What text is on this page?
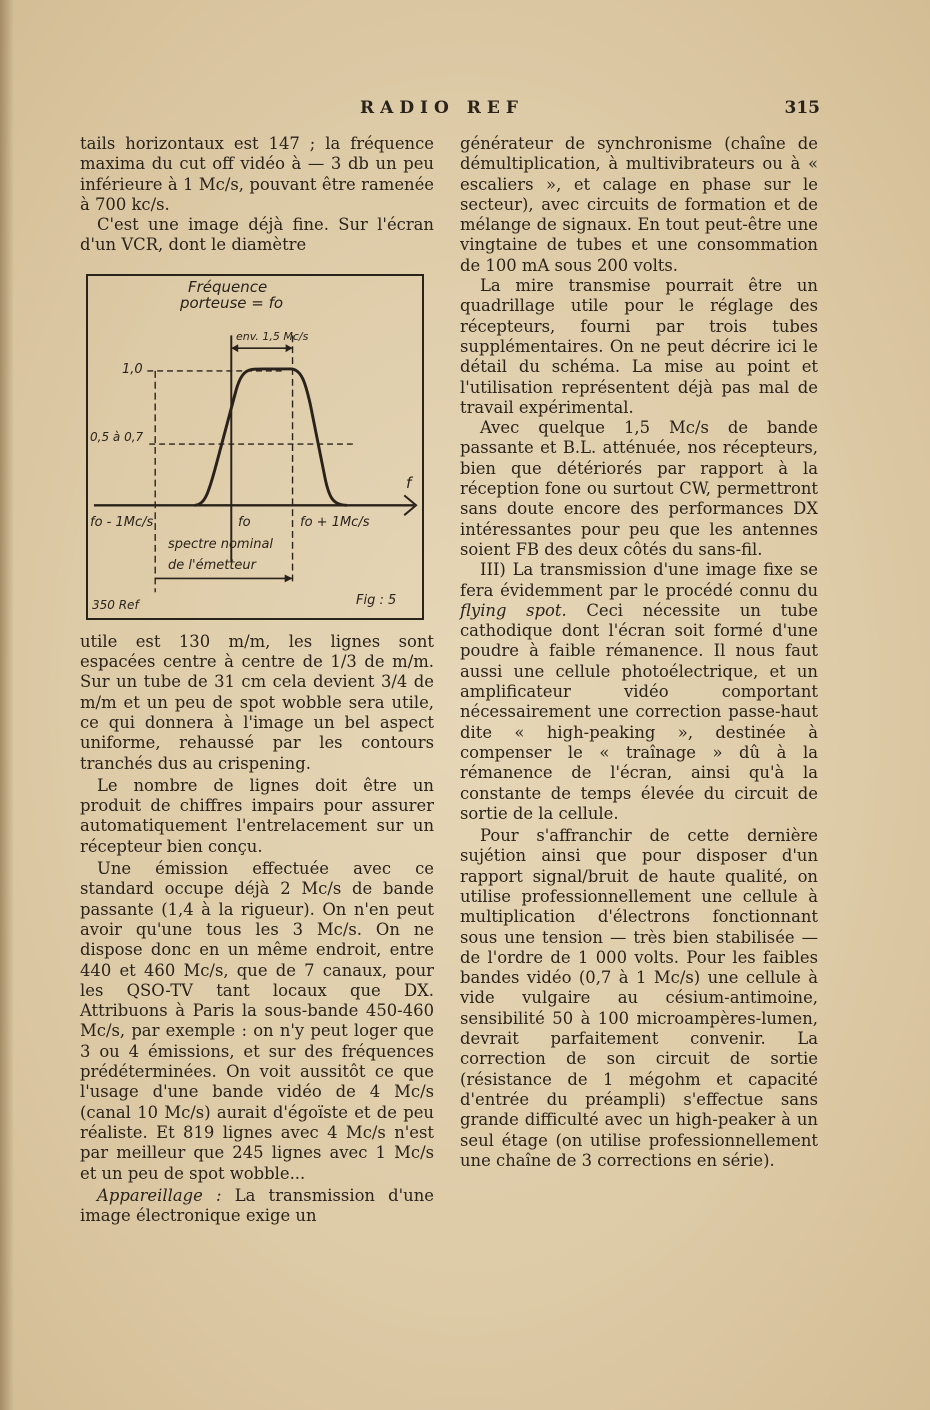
RADIO REF	315

tails horizontaux est 147 ; la fréquence maxima du cut off vidéo à — 3 db un peu inférieure à 1 Mc/s, pouvant être ramenée à 700 kc/s.

C'est une image déjà fine. Sur l'écran d'un VCR, dont le diamètre

Fréquence
porteuse = fo
env. 1,5 Mc/s
1,0
0,5 à 0,7
f
fo - 1Mc/s	fo	fo + 1Mc/s
spectre nominal
de l'émetteur
350 Ref	Fig : 5

utile est 130 m/m, les lignes sont espacées centre à centre de 1/3 de m/m. Sur un tube de 31 cm cela devient 3/4 de m/m et un peu de spot wobble sera utile, ce qui donnera à l'image un bel aspect uniforme, rehaussé par les contours tranchés dus au crispening.

Le nombre de lignes doit être un produit de chiffres impairs pour assurer automatiquement l'entrelacement sur un récepteur bien conçu.

Une émission effectuée avec ce standard occupe déjà 2 Mc/s de bande passante (1,4 à la rigueur). On n'en peut avoir qu'une tous les 3 Mc/s. On ne dispose donc en un même endroit, entre 440 et 460 Mc/s, que de 7 canaux, pour les QSO-TV tant locaux que DX. Attribuons à Paris la sous-bande 450-460 Mc/s, par exemple : on n'y peut loger que 3 ou 4 émissions, et sur des fréquences prédéterminées. On voit aussitôt ce que l'usage d'une bande vidéo de 4 Mc/s (canal 10 Mc/s) aurait d'égoïste et de peu réaliste. Et 819 lignes avec 4 Mc/s n'est par meilleur que 245 lignes avec 1 Mc/s et un peu de spot wobble...

Appareillage : La transmission d'une image électronique exige un

générateur de synchronisme (chaîne de démultiplication, à multivibrateurs ou à « escaliers », et calage en phase sur le secteur), avec circuits de formation et de mélange de signaux. En tout peut-être une vingtaine de tubes et une consommation de 100 mA sous 200 volts.

La mire transmise pourrait être un quadrillage utile pour le réglage des récepteurs, fourni par trois tubes supplémentaires. On ne peut décrire ici le détail du schéma. La mise au point et l'utilisation représentent déjà pas mal de travail expérimental.

Avec quelque 1,5 Mc/s de bande passante et B.L. atténuée, nos récepteurs, bien que détériorés par rapport à la réception fone ou surtout CW, permettront sans doute encore des performances DX intéressantes pour peu que les antennes soient FB des deux côtés du sans-fil.

III) La transmission d'une image fixe se fera évidemment par le procédé connu du flying spot. Ceci nécessite un tube cathodique dont l'écran soit formé d'une poudre à faible rémanence. Il nous faut aussi une cellule photoélectrique, et un amplificateur vidéo comportant nécessairement une correction passe-haut dite « high-peaking », destinée à compenser le « traînage » dû à la rémanence de l'écran, ainsi qu'à la constante de temps élevée du circuit de sortie de la cellule.

Pour s'affranchir de cette dernière sujétion ainsi que pour disposer d'un rapport signal/bruit de haute qualité, on utilise professionnellement une cellule à multiplication d'électrons fonctionnant sous une tension — très bien stabilisée — de l'ordre de 1 000 volts. Pour les faibles bandes vidéo (0,7 à 1 Mc/s) une cellule à vide vulgaire au césium-antimoine, sensibilité 50 à 100 microampères-lumen, devrait parfaitement convenir. La correction de son circuit de sortie (résistance de 1 mégohm et capacité d'entrée du préampli) s'effectue sans grande difficulté avec un high-peaker à un seul étage (on utilise professionnellement une chaîne de 3 corrections en série).
